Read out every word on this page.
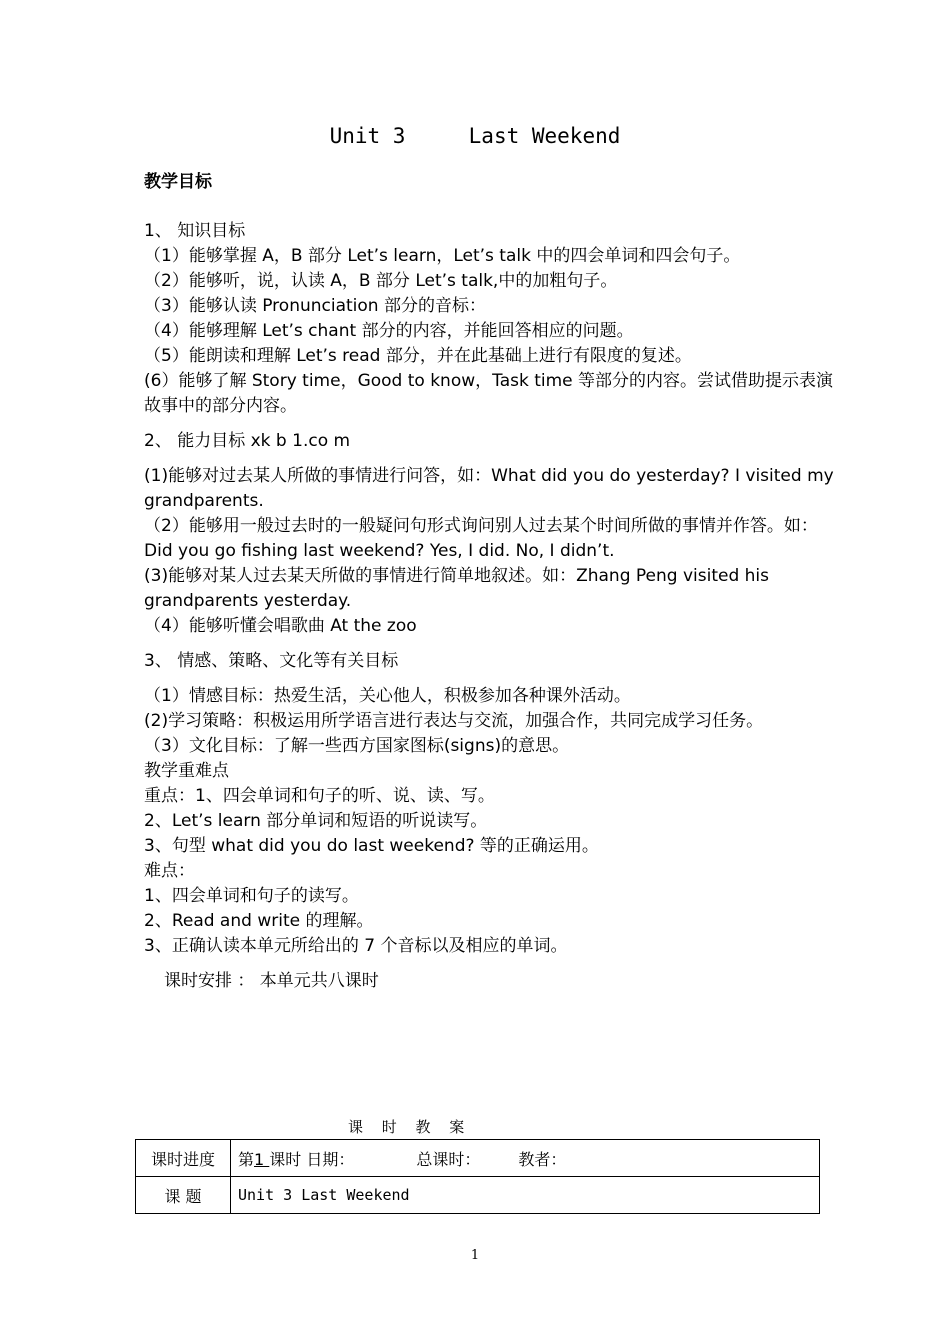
Unit 3     Last Weekend

教学目标

1、 知识目标

（1）能够掌握 A，B 部分 Let’s learn，Let’s talk 中的四会单词和四会句子。

（2）能够听，说，认读 A，B 部分 Let’s talk,中的加粗句子。

（3）能够认读 Pronunciation 部分的音标：

（4）能够理解 Let’s chant 部分的内容，并能回答相应的问题。

（5）能朗读和理解 Let’s read 部分，并在此基础上进行有限度的复述。

(6）能够了解 Story time，Good to know，Task time 等部分的内容。尝试借助提示表演故事中的部分内容。

2、 能力目标 xk b 1.co m

(1)能够对过去某人所做的事情进行问答，如：What did you do yesterday? I visited my grandparents.

（2）能够用一般过去时的一般疑问句形式询问别人过去某个时间所做的事情并作答。如：Did you go fishing last weekend? Yes, I did. No, I didn’t.

(3)能够对某人过去某天所做的事情进行简单地叙述。如：Zhang Peng visited his grandparents yesterday.

（4）能够听懂会唱歌曲 At the zoo

3、 情感、策略、文化等有关目标

（1）情感目标：热爱生活，关心他人，积极参加各种课外活动。

(2)学习策略：积极运用所学语言进行表达与交流，加强合作，共同完成学习任务。

（3）文化目标：了解一些西方国家图标(signs)的意思。

教学重难点

重点：1、四会单词和句子的听、说、读、写。

2、Let’s learn 部分单词和短语的听说读写。

3、句型 what did you do last weekend? 等的正确运用。

难点：

1、四会单词和句子的读写。

2、Read and write 的理解。

3、正确认读本单元所给出的 7 个音标以及相应的单词。

课时安排 ： 本单元共八课时

课 时 教 案
课时进度	第1 课时 日期： 总课时： 教者：
课 题	Unit 3 Last Weekend
1
